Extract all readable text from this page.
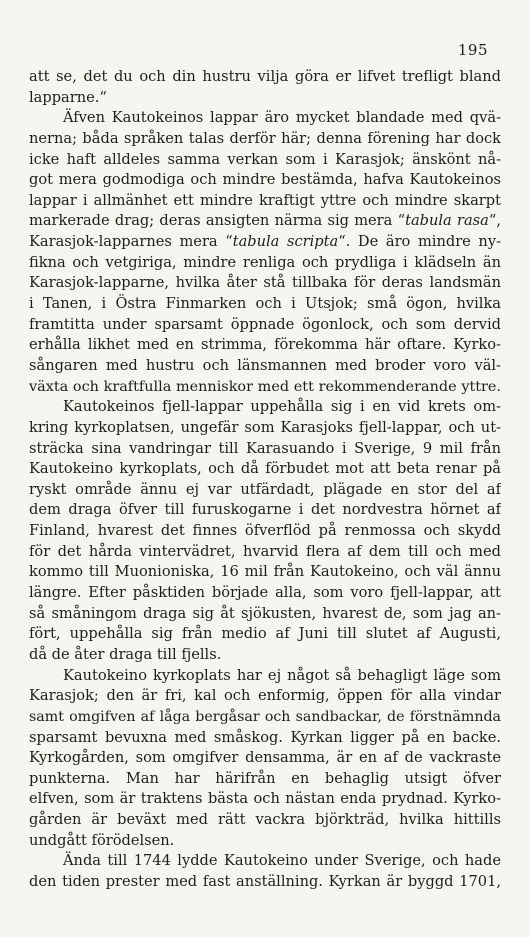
195
att se, det du och din hustru vilja göra er lifvet trefligt bland
lapparne.“
Äfven Kautokeinos lappar äro mycket blandade med qvä-
nerna; båda språken talas derför här; denna förening har dock
icke haft alldeles samma verkan som i Karasjok; änskönt nå-
got mera godmodiga och mindre bestämda, hafva Kautokeinos
lappar i allmänhet ett mindre kraftigt yttre och mindre skarpt
markerade drag; deras ansigten närma sig mera “tabula rasa“,
Karasjok-lapparnes mera “tabula scripta“. De äro mindre ny-
fikna och vetgiriga, mindre renliga och prydliga i klädseln än
Karasjok-lapparne, hvilka åter stå tillbaka för deras landsmän
i Tanen, i Östra Finmarken och i Utsjok; små ögon, hvilka
framtitta under sparsamt öppnade ögonlock, och som dervid
erhålla likhet med en strimma, förekomma här oftare. Kyrko-
sångaren med hustru och länsmannen med broder voro väl-
växta och kraftfulla menniskor med ett rekommenderande yttre.
Kautokeinos fjell-lappar uppehålla sig i en vid krets om-
kring kyrkoplatsen, ungefär som Karasjoks fjell-lappar, och ut-
sträcka sina vandringar till Karasuando i Sverige, 9 mil från
Kautokeino kyrkoplats, och då förbudet mot att beta renar på
ryskt område ännu ej var utfärdadt, plägade en stor del af
dem draga öfver till furuskogarne i det nordvestra hörnet af
Finland, hvarest det finnes öfverflöd på renmossa och skydd
för det hårda vintervädret, hvarvid flera af dem till och med
kommo till Muonioniska, 16 mil från Kautokeino, och väl ännu
längre. Efter påsktiden började alla, som voro fjell-lappar, att
så småningom draga sig åt sjökusten, hvarest de, som jag an-
fört, uppehålla sig från medio af Juni till slutet af Augusti,
då de åter draga till fjells.
Kautokeino kyrkoplats har ej något så behagligt läge som
Karasjok; den är fri, kal och enformig, öppen för alla vindar
samt omgifven af låga bergåsar och sandbackar, de förstnämnda
sparsamt bevuxna med småskog. Kyrkan ligger på en backe.
Kyrkogården, som omgifver densamma, är en af de vackraste
punkterna. Man har härifrån en behaglig utsigt öfver
elfven, som är traktens bästa och nästan enda prydnad. Kyrko-
gården är beväxt med rätt vackra björkträd, hvilka hittills
undgått förödelsen.
Ända till 1744 lydde Kautokeino under Sverige, och hade
den tiden prester med fast anställning. Kyrkan är byggd 1701,
